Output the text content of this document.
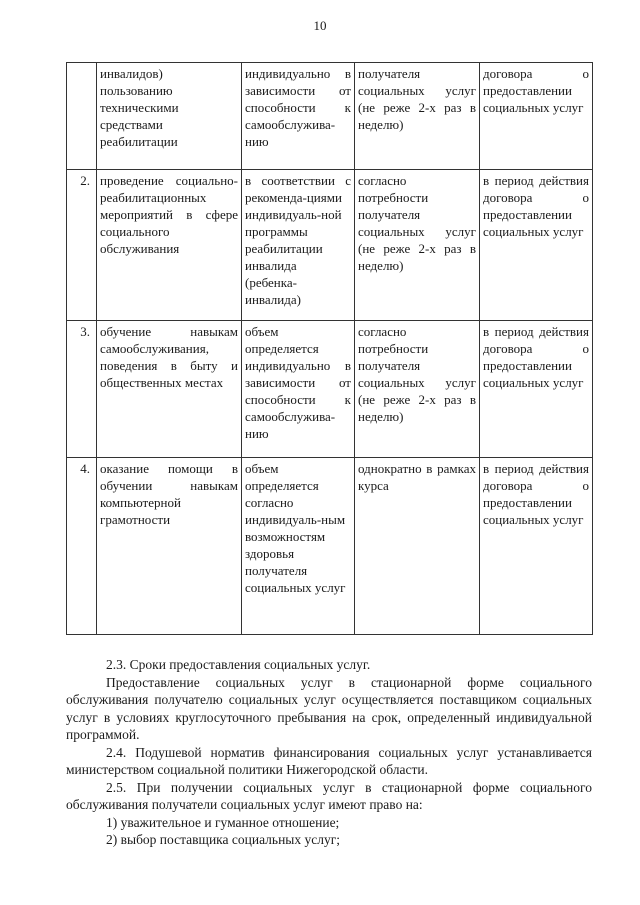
10
	инвалидов) пользованию техническими средствами реабилитации	индивидуально в зависимости от способности к самообслужива-нию	получателя социальных услуг (не реже 2-х раз в неделю)	договора о предоставлении социальных услуг
2.	проведение социально-реабилитационных мероприятий в сфере социального обслуживания	в соответствии с рекоменда-циями индивидуаль-ной программы реабилитации инвалида (ребенка-инвалида)	согласно потребности получателя социальных услуг (не реже 2-х раз в неделю)	в период действия договора о предоставлении социальных услуг
3.	обучение навыкам самообслуживания, поведения в быту и общественных местах	объем определяется индивидуально в зависимости от способности к самообслужива-нию	согласно потребности получателя социальных услуг (не реже 2-х раз в неделю)	в период действия договора о предоставлении социальных услуг
4.	оказание помощи в обучении навыкам компьютерной грамотности	объем определяется согласно индивидуаль-ным возможностям здоровья получателя социальных услуг	однократно в рамках курса	в период действия договора о предоставлении социальных услуг

2.3. Сроки предоставления социальных услуг.

Предоставление социальных услуг в стационарной форме социального обслуживания получателю социальных услуг осуществляется поставщиком социальных услуг в условиях круглосуточного пребывания на срок, определенный индивидуальной программой.

2.4. Подушевой норматив финансирования социальных услуг устанавливается министерством социальной политики Нижегородской области.

2.5. При получении социальных услуг в стационарной форме социального обслуживания получатели социальных услуг имеют право на:

1) уважительное и гуманное отношение;

2) выбор поставщика социальных услуг;
